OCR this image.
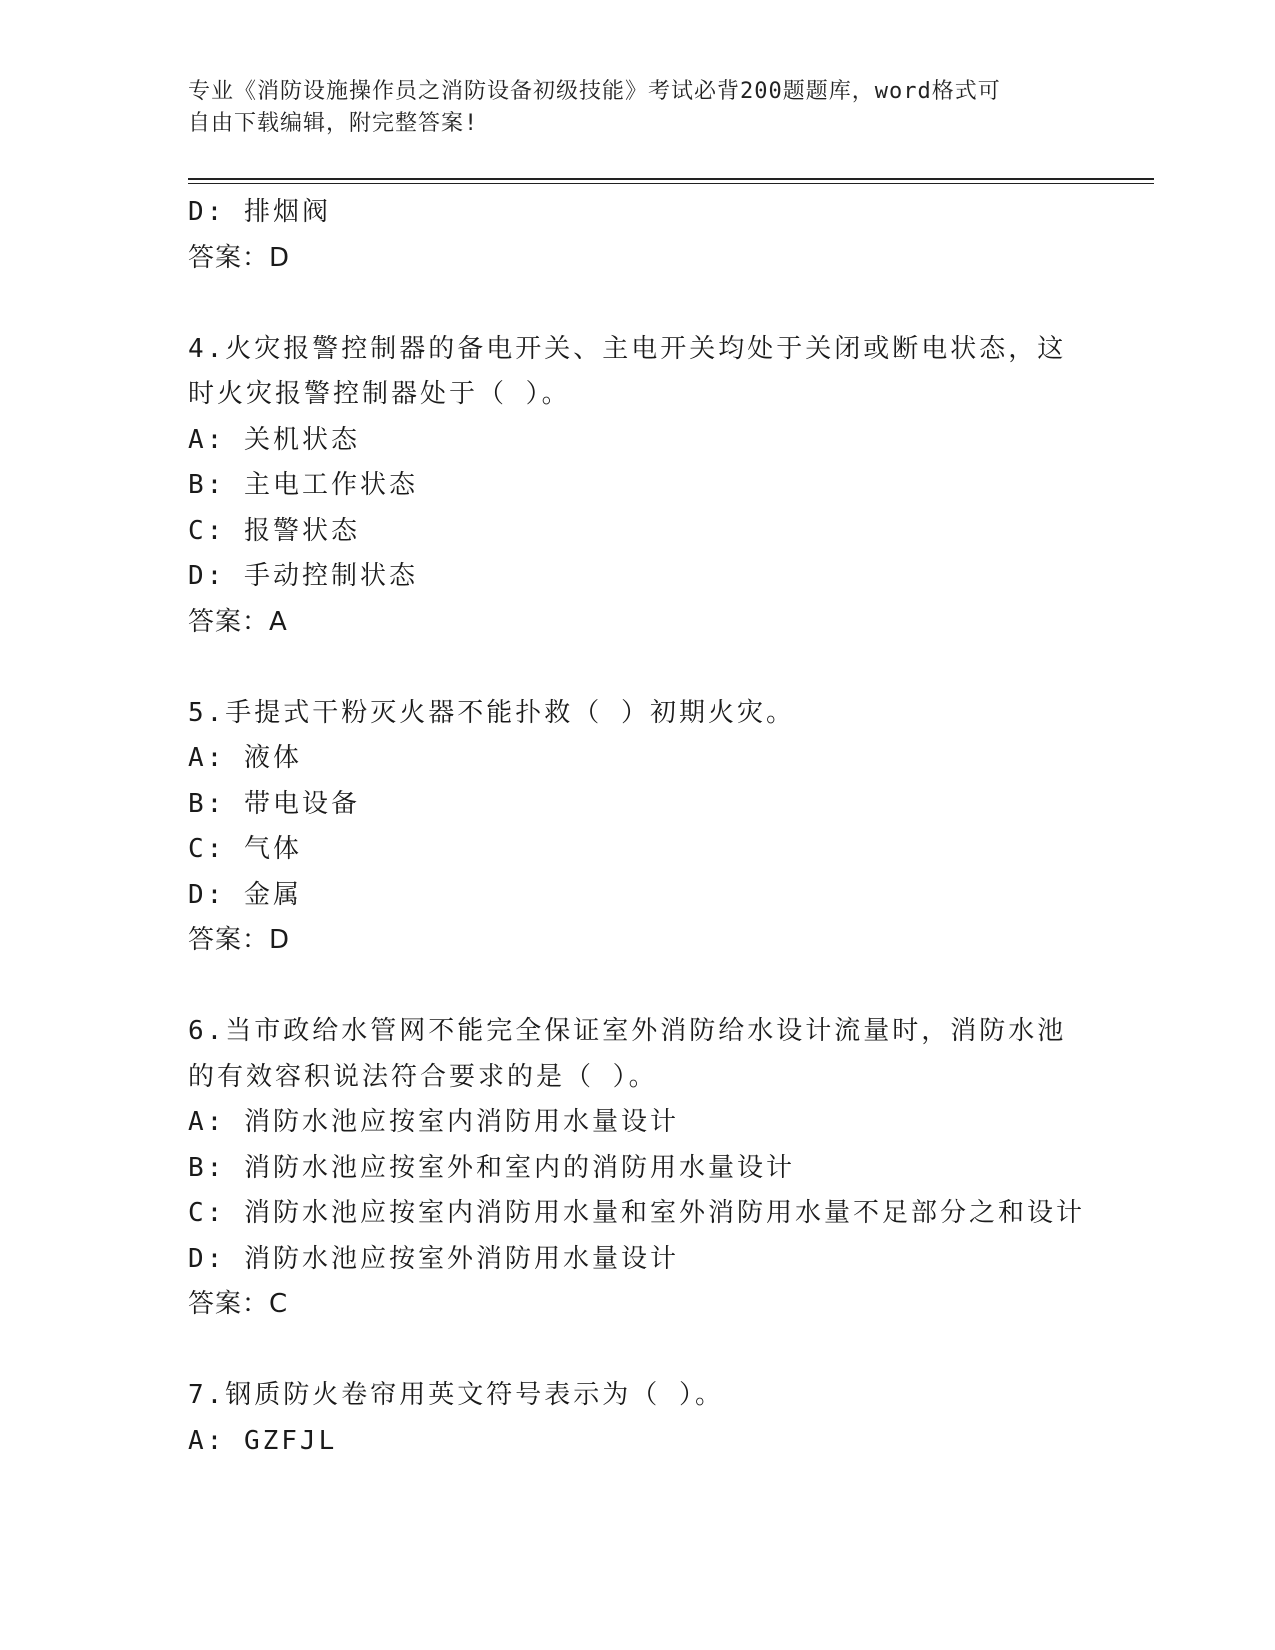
专业《消防设施操作员之消防设备初级技能》考试必背200题题库，word格式可
自由下载编辑，附完整答案!
D: 排烟阀
答案：D
4.火灾报警控制器的备电开关、主电开关均处于关闭或断电状态，这
时火灾报警控制器处于（ ）。
A: 关机状态
B: 主电工作状态
C: 报警状态
D: 手动控制状态
答案：A
5.手提式干粉灭火器不能扑救（ ）初期火灾。
A: 液体
B: 带电设备
C: 气体
D: 金属
答案：D
6.当市政给水管网不能完全保证室外消防给水设计流量时，消防水池
的有效容积说法符合要求的是（ ）。
A: 消防水池应按室内消防用水量设计
B: 消防水池应按室外和室内的消防用水量设计
C: 消防水池应按室内消防用水量和室外消防用水量不足部分之和设计
D: 消防水池应按室外消防用水量设计
答案：C
7.钢质防火卷帘用英文符号表示为（ ）。
A: GZFJL
